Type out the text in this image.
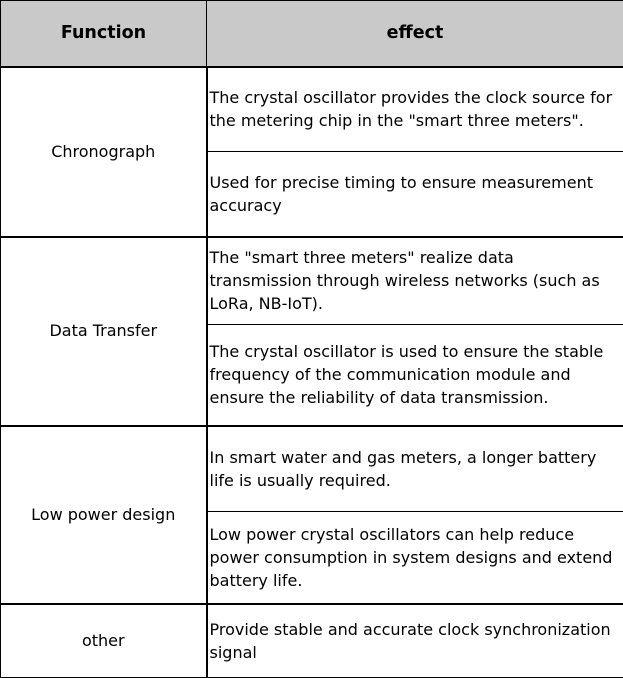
Function	effect
Chronograph	The crystal oscillator provides the clock source for the metering chip in the "smart three meters".
	Used for precise timing to ensure measurement accuracy
Data Transfer	The "smart three meters" realize data transmission through wireless networks (such as LoRa, NB-IoT).
	The crystal oscillator is used to ensure the stable frequency of the communication module and ensure the reliability of data transmission.
Low power design	In smart water and gas meters, a longer battery life is usually required.
	Low power crystal oscillators can help reduce power consumption in system designs and extend battery life.
other	Provide stable and accurate clock synchronization signal
